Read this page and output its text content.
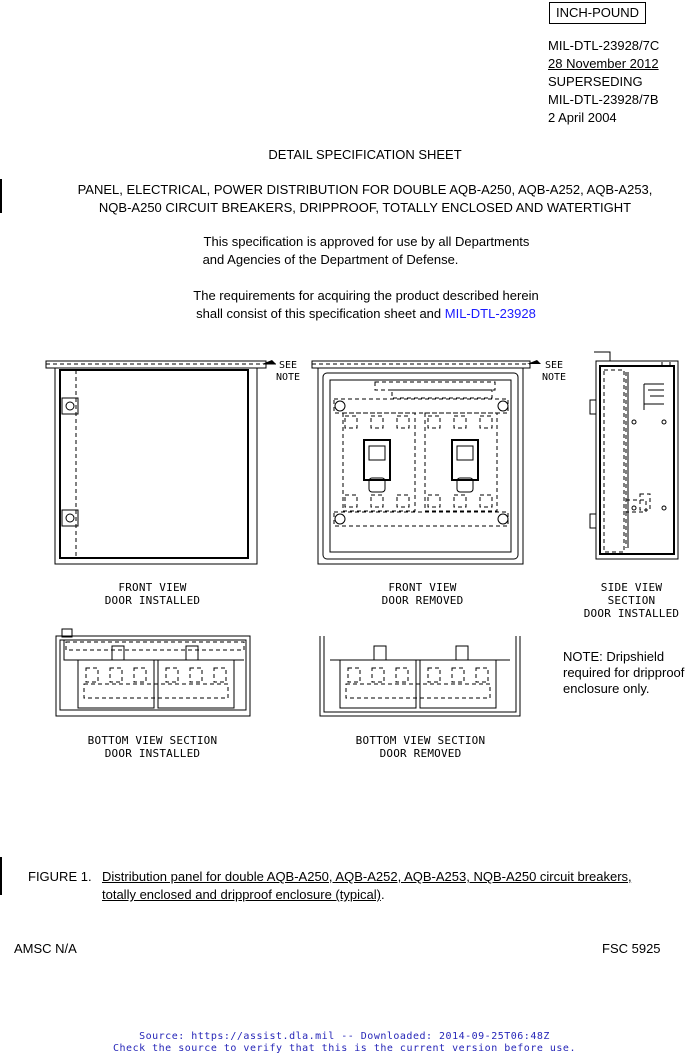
INCH-POUND
MIL-DTL-23928/7C
28 November 2012
SUPERSEDING
MIL-DTL-23928/7B
2 April 2004
DETAIL SPECIFICATION SHEET
PANEL, ELECTRICAL, POWER DISTRIBUTION FOR DOUBLE AQB-A250, AQB-A252, AQB-A253,
NQB-A250 CIRCUIT BREAKERS, DRIPPROOF, TOTALLY ENCLOSED AND WATERTIGHT
This specification is approved for use by all Departments
and Agencies of the Department of Defense.
The requirements for acquiring the product described herein
shall consist of this specification sheet and MIL-DTL-23928
SEE
NOTE
SEE
NOTE
FRONT VIEW
DOOR INSTALLED
FRONT VIEW
DOOR REMOVED
SIDE VIEW SECTION
DOOR INSTALLED
BOTTOM VIEW SECTION
DOOR INSTALLED
BOTTOM VIEW SECTION
DOOR REMOVED
NOTE: Dripshield
required for dripproof
enclosure only.
FIGURE 1. Distribution panel for double AQB-A250, AQB-A252, AQB-A253, NQB-A250 circuit breakers,
totally enclosed and dripproof enclosure (typical).
AMSC N/A	FSC 5925
Source: https://assist.dla.mil -- Downloaded: 2014-09-25T06:48Z
Check the source to verify that this is the current version before use.
